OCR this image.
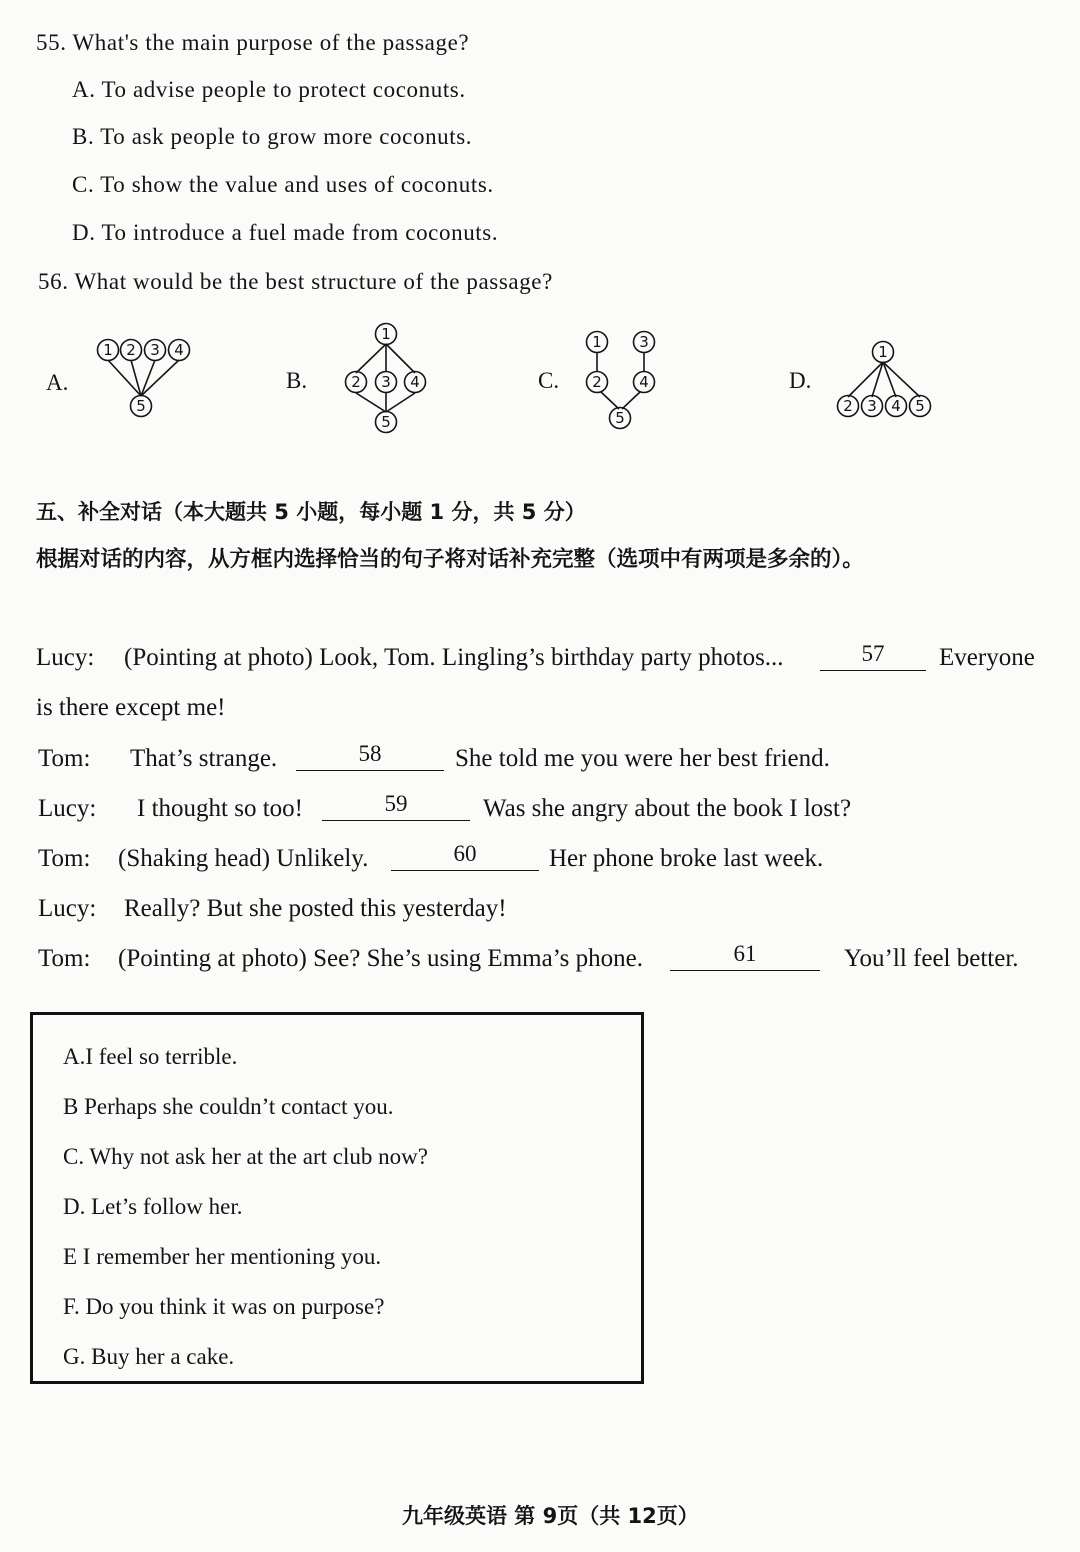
55. What's the main purpose of the passage?
A. To advise people to protect coconuts.
B. To ask people to grow more coconuts.
C. To show the value and uses of coconuts.
D. To introduce a fuel made from coconuts.
56. What would be the best structure of the passage?
A.	B.	C.	D.
1 2 3 4
5
1
2 3 4
5
1 3
2 4
5
1
2 3 4 5
五、补全对话（本大题共 5 小题，每小题 1 分，共 5 分）
根据对话的内容，从方框内选择恰当的句子将对话补充完整（选项中有两项是多余的）。
Lucy: (Pointing at photo) Look, Tom. Lingling’s birthday party photos...	57	Everyone
is there except me!
Tom: That’s strange.	58	She told me you were her best friend.
Lucy: I thought so too!	59	Was she angry about the book I lost?
Tom: (Shaking head) Unlikely.	60	Her phone broke last week.
Lucy: Really? But she posted this yesterday!
Tom: (Pointing at photo) See? She’s using Emma’s phone.	61	You’ll feel better.
A.I feel so terrible.
B Perhaps she couldn’t contact you.
C. Why not ask her at the art club now?
D. Let’s follow her.
E I remember her mentioning you.
F. Do you think it was on purpose?
G. Buy her a cake.
九年级英语 第 9页（共 12页）
